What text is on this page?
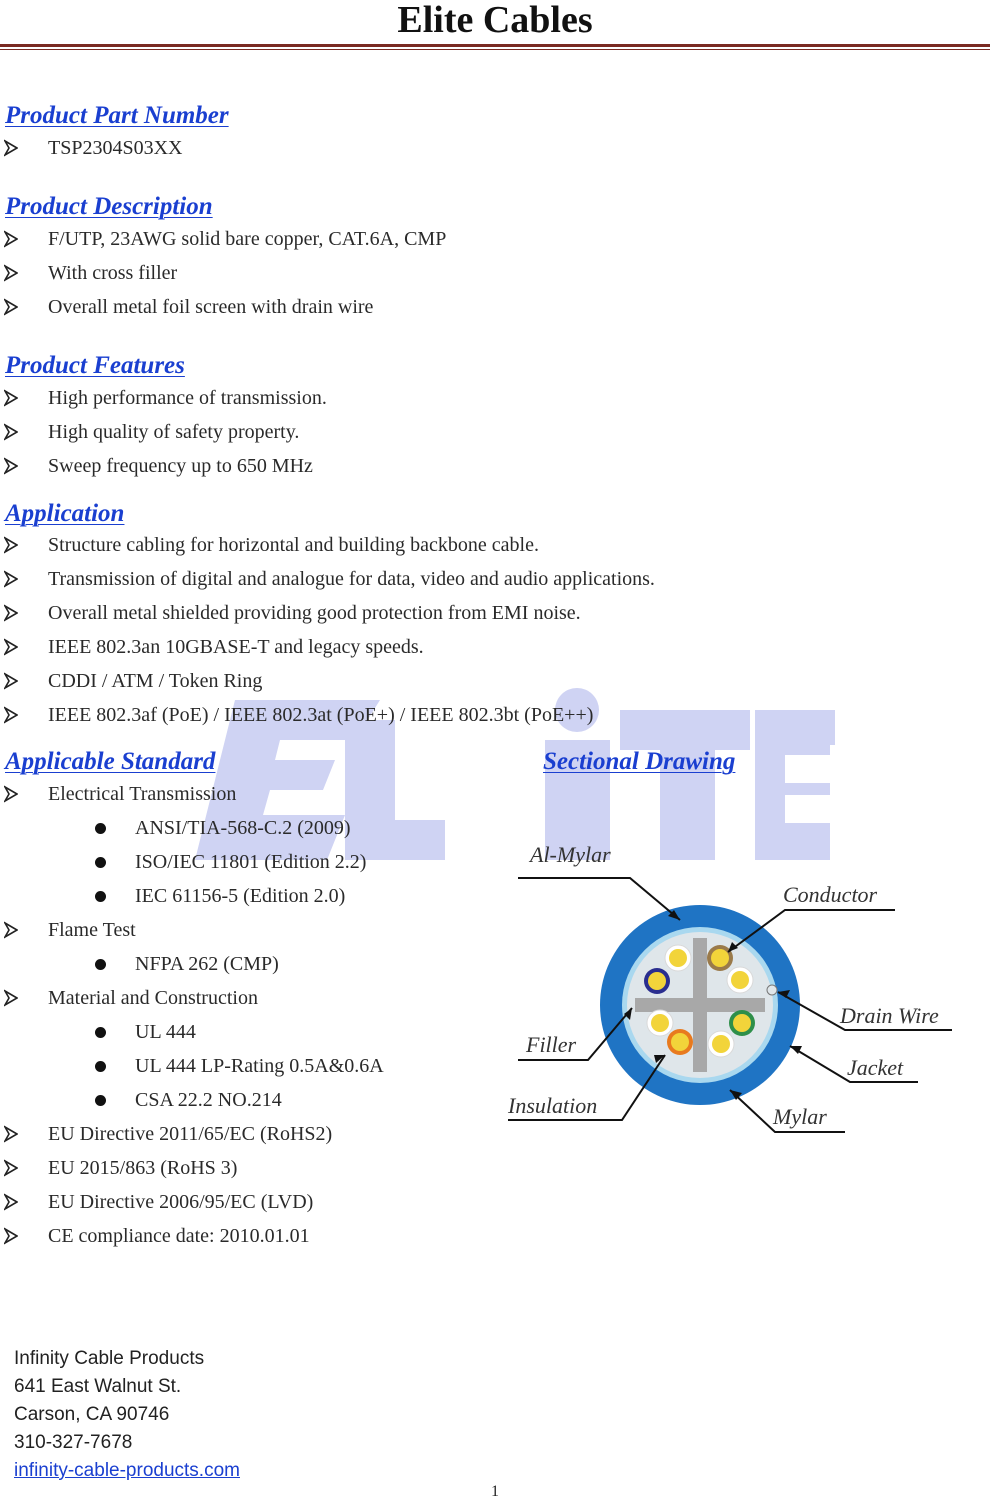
Elite Cables
Product Part Number
TSP2304S03XX
Product Description
F/UTP, 23AWG solid bare copper, CAT.6A, CMP
With cross filler
Overall metal foil screen with drain wire
Product Features
High performance of transmission.
High quality of safety property.
Sweep frequency up to 650 MHz
Application
Structure cabling for horizontal and building backbone cable.
Transmission of digital and analogue for data, video and audio applications.
Overall metal shielded providing good protection from EMI noise.
IEEE 802.3an 10GBASE-T and legacy speeds.
CDDI / ATM / Token Ring
IEEE 802.3af (PoE) / IEEE 802.3at (PoE+) / IEEE 802.3bt (PoE++)
Applicable Standard
Electrical Transmission
ANSI/TIA-568-C.2 (2009)
ISO/IEC 11801 (Edition 2.2)
IEC 61156-5 (Edition 2.0)
Flame Test
NFPA 262 (CMP)
Material and Construction
UL 444
UL 444 LP-Rating 0.5A&0.6A
CSA 22.2 NO.214
EU Directive 2011/65/EC (RoHS2)
EU 2015/863 (RoHS 3)
EU Directive 2006/95/EC (LVD)
CE compliance date: 2010.01.01
Sectional Drawing
Al-Mylar
Conductor
Drain Wire
Filler
Jacket
Insulation	Mylar
Infinity Cable Products
641 East Walnut St.
Carson, CA 90746
310-327-7678
infinity-cable-products.com
1
